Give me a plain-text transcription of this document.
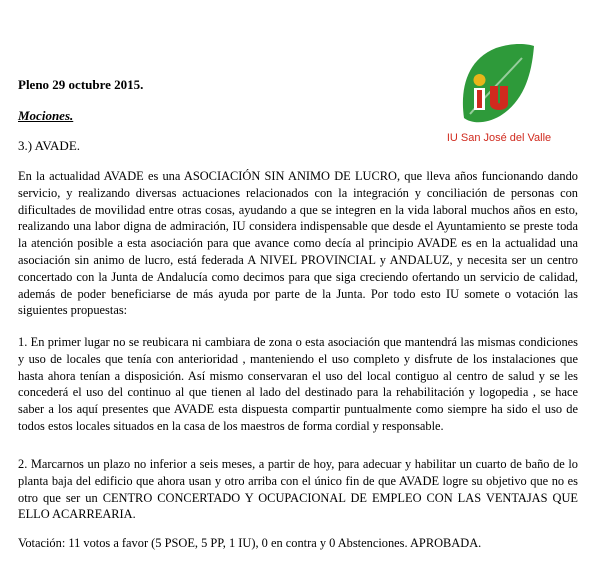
IU San José del Valle
Pleno 29 octubre 2015.
Mociones.
3.) AVADE.

En la actualidad AVADE es una ASOCIACIÓN SIN ANIMO DE LUCRO, que lleva años funcionando dando servicio, y realizando diversas actuaciones relacionados con la integración y conciliación de personas con dificultades de movilidad entre otras cosas, ayudando a que se integren en la vida laboral muchos años en esto, realizando una labor digna de admiración, IU considera indispensable que desde el Ayuntamiento se preste toda la atención posible a esta asociación para que avance como decía al principio AVADE es en la actualidad una asociación sin animo de lucro, está federada A NIVEL PROVINCIAL y ANDALUZ, y necesita ser un centro concertado con la Junta de Andalucía como decimos para que siga creciendo ofertando un servicio de calidad, además de poder beneficiarse de más ayuda por parte de la Junta. Por todo esto IU somete o votación las siguientes propuestas:

1. En primer lugar no se reubicara ni cambiara de zona o esta asociación que mantendrá las mismas condiciones y uso de locales que tenía con anterioridad , manteniendo el uso completo y disfrute de los instalaciones que hasta ahora tenían a disposición. Así mismo conservaran el uso del local contiguo al centro de salud y se les concederá el uso del continuo al que tienen al lado del destinado para la rehabilitación y logopedia , se hace saber a los aquí presentes que AVADE esta dispuesta compartir puntualmente como siempre ha sido el uso de todos estos locales situados en la casa de los maestros de forma cordial y responsable.

2. Marcarnos un plazo no inferior a seis meses, a partir de hoy, para adecuar y habilitar un cuarto de baño de lo planta baja del edificio que ahora usan y otro arriba con el único fin de que AVADE logre su objetivo que no es otro que ser un CENTRO CONCERTADO Y OCUPACIONAL DE EMPLEO CON LAS VENTAJAS QUE ELLO ACARREARIA.

Votación: 11 votos a favor (5 PSOE, 5 PP, 1 IU), 0 en contra y 0 Abstenciones. APROBADA.
